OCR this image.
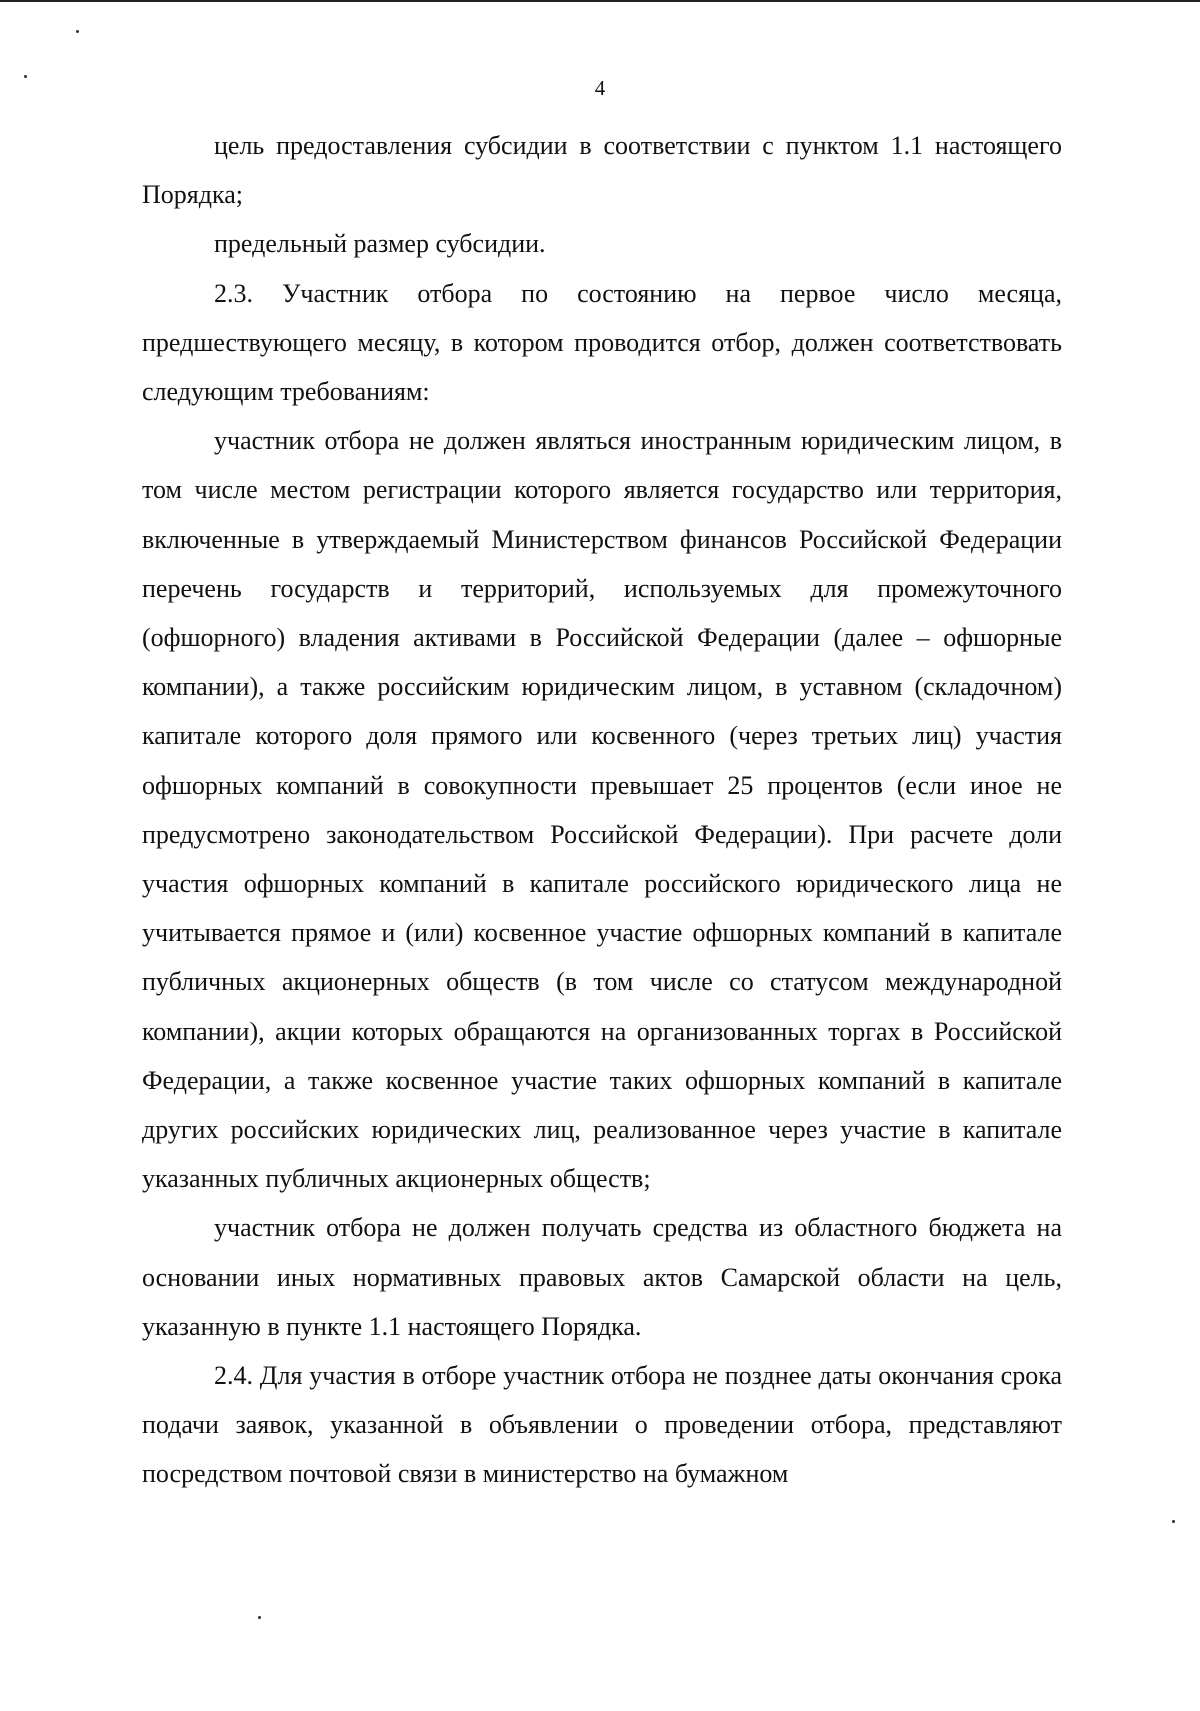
4

цель предоставления субсидии в соответствии с пунктом 1.1 настоящего Порядка;

предельный размер субсидии.

2.3. Участник отбора по состоянию на первое число месяца, предшествующего месяцу, в котором проводится отбор, должен соответствовать следующим требованиям:

участник отбора не должен являться иностранным юридическим лицом, в том числе местом регистрации которого является государство или территория, включенные в утверждаемый Министерством финансов Российской Федерации перечень государств и территорий, используемых для промежуточного (офшорного) владения активами в Российской Федерации (далее – офшорные компании), а также российским юридическим лицом, в уставном (складочном) капитале которого доля прямого или косвенного (через третьих лиц) участия офшорных компаний в совокупности превышает 25 процентов (если иное не предусмотрено законодательством Российской Федерации). При расчете доли участия офшорных компаний в капитале российского юридического лица не учитывается прямое и (или) косвенное участие офшорных компаний в капитале публичных акционерных обществ (в том числе со статусом международной компании), акции которых обращаются на организованных торгах в Российской Федерации, а также косвенное участие таких офшорных компаний в капитале других российских юридических лиц, реализованное через участие в капитале указанных публичных акционерных обществ;

участник отбора не должен получать средства из областного бюджета на основании иных нормативных правовых актов Самарской области на цель, указанную в пункте 1.1 настоящего Порядка.

2.4. Для участия в отборе участник отбора не позднее даты окончания срока подачи заявок, указанной в объявлении о проведении отбора, представляют посредством почтовой связи в министерство на бумажном
